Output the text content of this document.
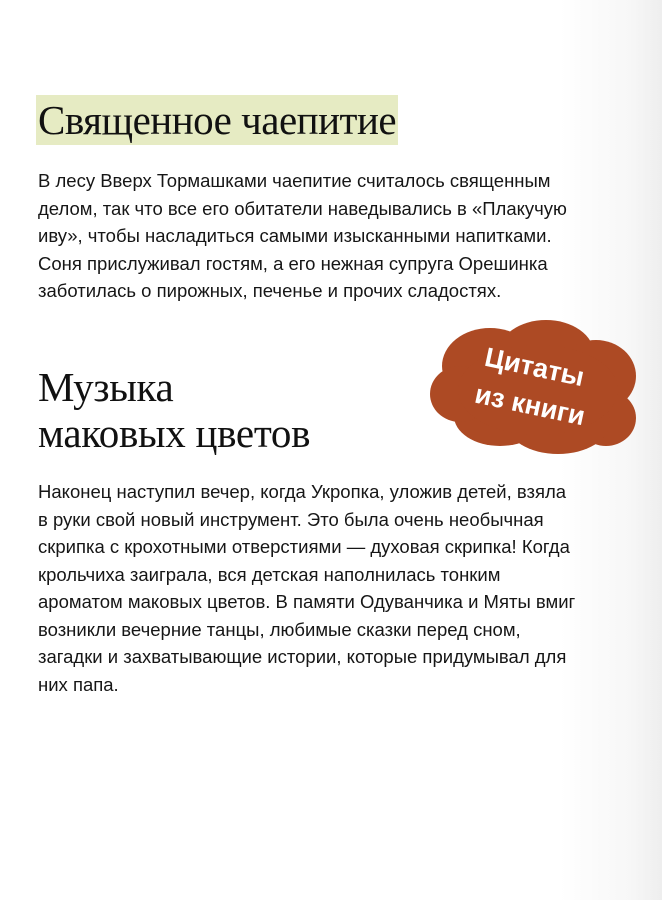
Священное чаепитие

В лесу Вверх Тормашками чаепитие считалось священным
делом, так что все его обитатели наведывались в «Плакучую
иву», чтобы насладиться самыми изысканными напитками.
Соня прислуживал гостям, а его нежная супруга Орешинка
заботилась о пирожных, печенье и прочих сладостях.

Музыка
маковых цветов
Цитаты
из книги

Наконец наступил вечер, когда Укропка, уложив детей, взяла
в руки свой новый инструмент. Это была очень необычная
скрипка с крохотными отверстиями — духовая скрипка! Когда
крольчиха заиграла, вся детская наполнилась тонким
ароматом маковых цветов. В памяти Одуванчика и Мяты вмиг
возникли вечерние танцы, любимые сказки перед сном,
загадки и захватывающие истории, которые придумывал для
них папа.
